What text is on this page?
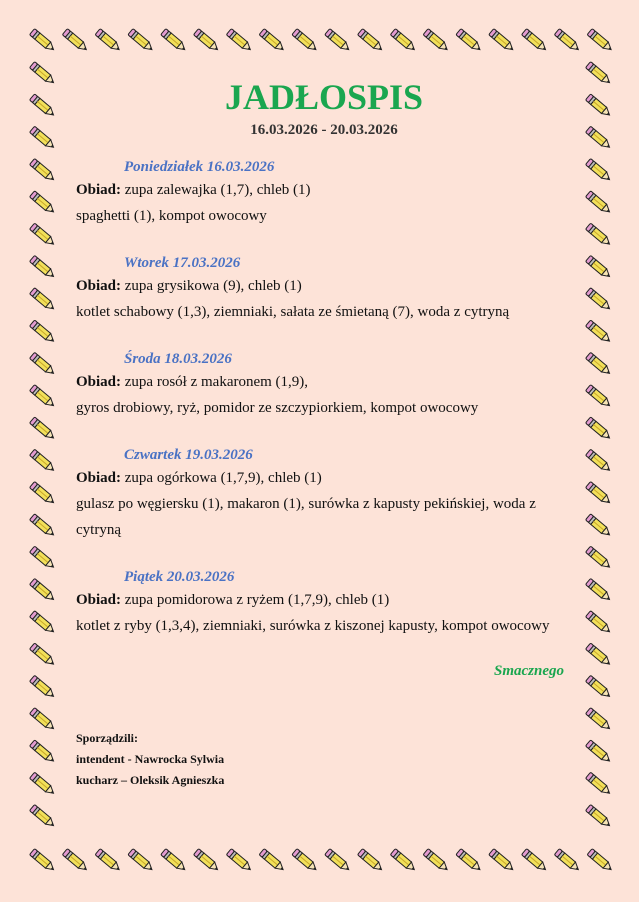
JADŁOSPIS
16.03.2026 - 20.03.2026
Poniedziałek 16.03.2026
Obiad: zupa zalewajka (1,7), chleb (1)
spaghetti (1), kompot owocowy
Wtorek 17.03.2026
Obiad: zupa grysikowa (9), chleb (1)
kotlet schabowy (1,3), ziemniaki, sałata ze śmietaną (7), woda z cytryną
Środa 18.03.2026
Obiad: zupa rosół z makaronem (1,9),
gyros drobiowy, ryż, pomidor ze szczypiorkiem, kompot owocowy
Czwartek 19.03.2026
Obiad: zupa ogórkowa (1,7,9), chleb (1)
gulasz po węgiersku (1), makaron (1), surówka z kapusty pekińskiej, woda z
cytryną
Piątek 20.03.2026
Obiad: zupa pomidorowa z ryżem (1,7,9), chleb (1)
kotlet z ryby (1,3,4), ziemniaki, surówka z kiszonej kapusty, kompot owocowy
Smacznego
Sporządzili:
intendent - Nawrocka Sylwia
kucharz – Oleksik Agnieszka
